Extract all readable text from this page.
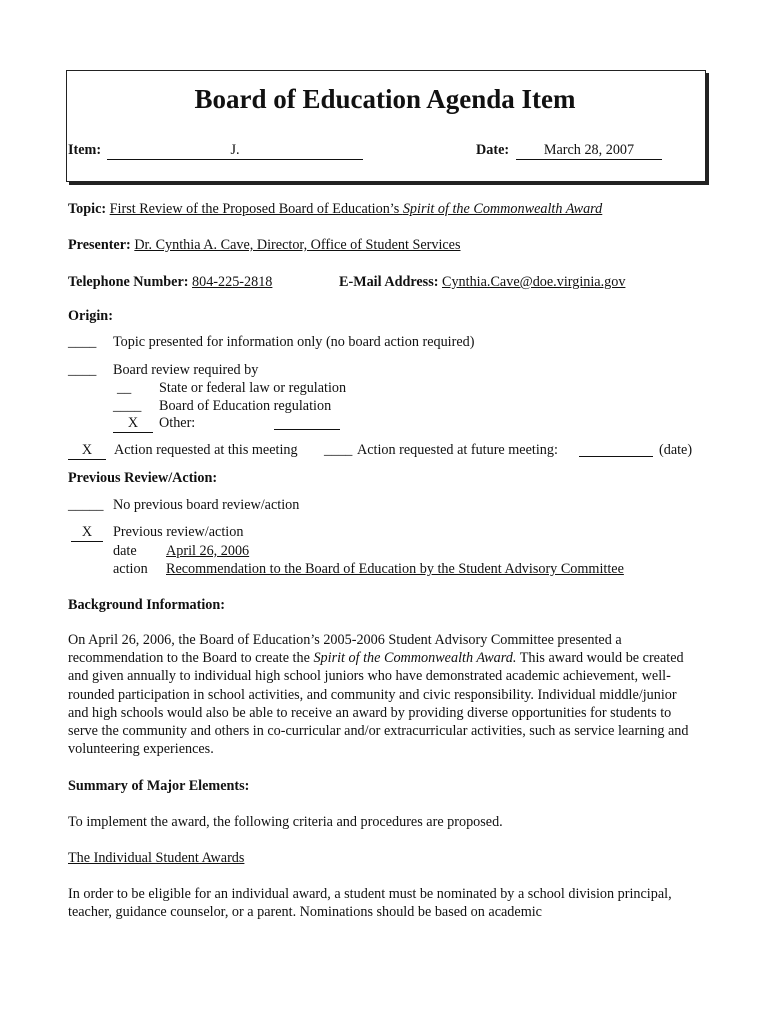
Board of Education Agenda Item
Item:	J.	Date:	March 28, 2007
Topic: First Review of the Proposed Board of Education’s Spirit of the Commonwealth Award
Presenter: Dr. Cynthia A. Cave, Director, Office of Student Services
Telephone Number: 804-225-2818	E-Mail Address: Cynthia.Cave@doe.virginia.gov
Origin:
____ Topic presented for information only (no board action required)
____ Board review required by
__ State or federal law or regulation
____ Board of Education regulation
X	Other:
X	Action requested at this meeting ____ Action requested at future meeting:	(date)
Previous Review/Action:
_____ No previous board review/action
X	Previous review/action
date April 26, 2006
action Recommendation to the Board of Education by the Student Advisory Committee
Background Information:
On April 26, 2006, the Board of Education’s 2005-2006 Student Advisory Committee presented a recommendation to the Board to create the Spirit of the Commonwealth Award. This award would be created and given annually to individual high school juniors who have demonstrated academic achievement, well-rounded participation in school activities, and community and civic responsibility. Individual middle/junior and high schools would also be able to receive an award by providing diverse opportunities for students to serve the community and others in co-curricular and/or extracurricular activities, such as service learning and volunteering experiences.
Summary of Major Elements:
To implement the award, the following criteria and procedures are proposed.
The Individual Student Awards
In order to be eligible for an individual award, a student must be nominated by a school division principal, teacher, guidance counselor, or a parent. Nominations should be based on academic
